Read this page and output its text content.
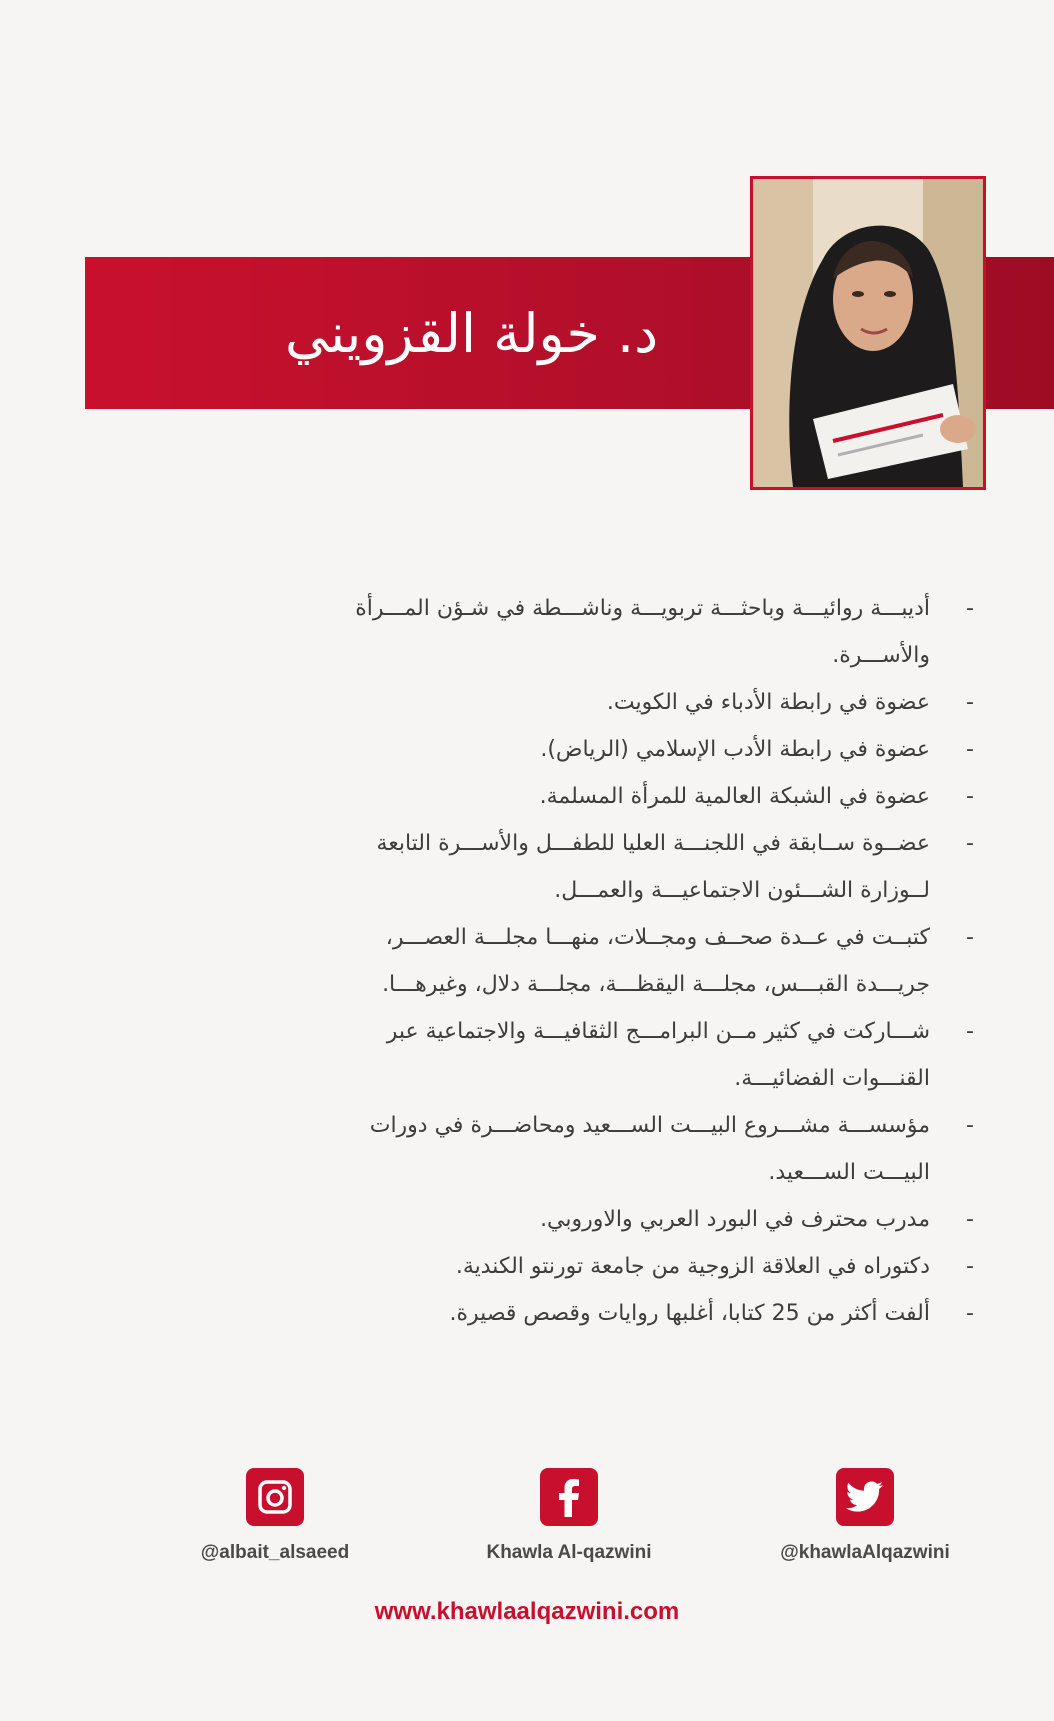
د. خولة القزويني
-
أديبـــة روائيـــة وباحثـــة تربويـــة وناشـــطة في شـؤن المـــرأة والأســـرة.
-
عضوة في رابطة الأدباء في الكويت.
-
عضوة في رابطة الأدب الإسلامي (الرياض).
-
عضوة في الشبكة العالمية للمرأة المسلمة.
-
عضــوة ســابقة في اللجنـــة العليا للطفـــل والأســـرة التابعة لــوزارة الشـــئون الاجتماعيـــة والعمـــل.
-
كتبــت في عــدة صحــف ومجــلات، منهـــا مجلـــة العصـــر، جريـــدة القبـــس، مجلـــة اليقظـــة، مجلـــة دلال، وغيرهـــا.
-
شـــاركت في كثير مــن البرامـــج الثقافيـــة والاجتماعية عبر القنـــوات الفضائيـــة.
-
مؤسســـة مشـــروع البيـــت الســـعيد ومحاضـــرة في دورات البيـــت الســـعيد.
-
مدرب محترف في البورد العربي والاوروبي.
-
دكتوراه في العلاقة الزوجية من جامعة تورنتو الكندية.
-
ألفت أكثر من 25 كتابا، أغلبها روايات وقصص قصيرة.
@albait_alsaeed	Khawla Al-qazwini	@khawlaAlqazwini
www.khawlaalqazwini.com
